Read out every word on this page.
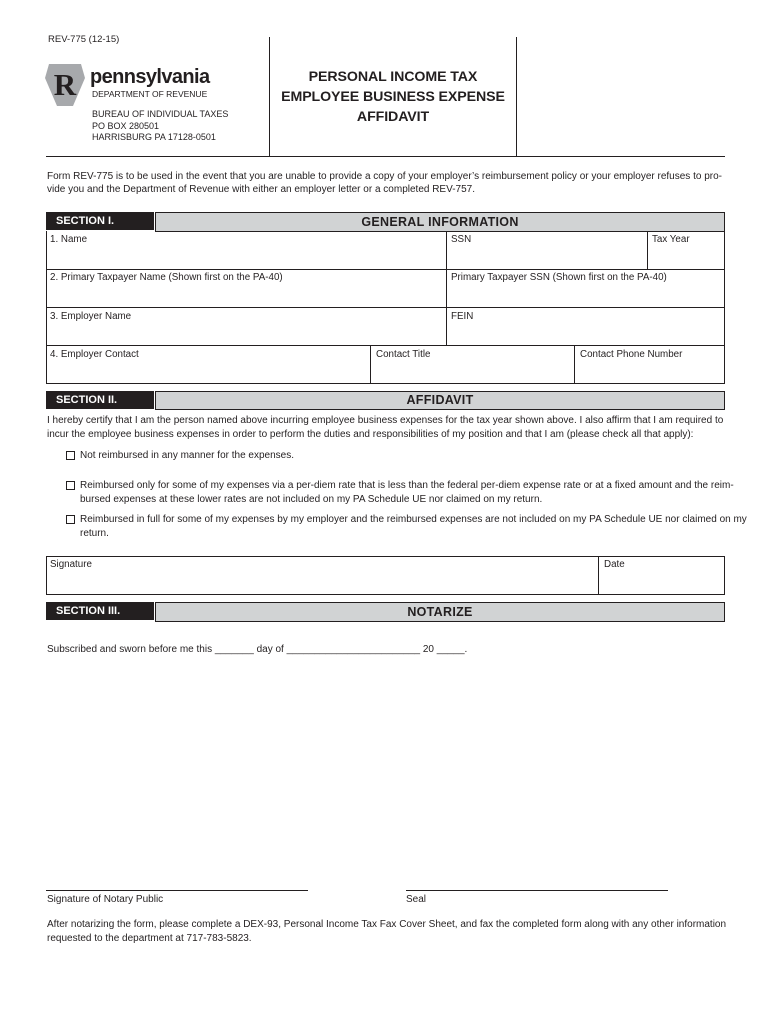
REV-775 (12-15)
R pennsylvania
DEPARTMENT OF REVENUE
BUREAU OF INDIVIDUAL TAXES
PO BOX 280501
HARRISBURG PA 17128-0501
PERSONAL INCOME TAX
EMPLOYEE BUSINESS EXPENSE
AFFIDAVIT
Form REV-775 is to be used in the event that you are unable to provide a copy of your employer’s reimbursement policy or your employer refuses to pro-vide you and the Department of Revenue with either an employer letter or a completed REV-757.
SECTION I.	GENERAL INFORMATION
1. Name	SSN	Tax Year
2. Primary Taxpayer Name (Shown first on the PA-40)	Primary Taxpayer SSN (Shown first on the PA-40)
3. Employer Name	FEIN
4. Employer Contact	Contact Title	Contact Phone Number
SECTION II.	AFFIDAVIT
I hereby certify that I am the person named above incurring employee business expenses for the tax year shown above. I also affirm that I am required to
incur the employee business expenses in order to perform the duties and responsibilities of my position and that I am (please check all that apply):
Not reimbursed in any manner for the expenses.
Reimbursed only for some of my expenses via a per-diem rate that is less than the federal per-diem expense rate or at a fixed amount and the reim-
bursed expenses at these lower rates are not included on my PA Schedule UE nor claimed on my return.
Reimbursed in full for some of my expenses by my employer and the reimbursed expenses are not included on my PA Schedule UE nor claimed on my
return.
Signature	Date
SECTION III.	NOTARIZE
Subscribed and sworn before me this _______ day of ________________________ 20 _____.
Signature of Notary Public	Seal
After notarizing the form, please complete a DEX-93, Personal Income Tax Fax Cover Sheet, and fax the completed form along with any other information
requested to the department at 717-783-5823.
